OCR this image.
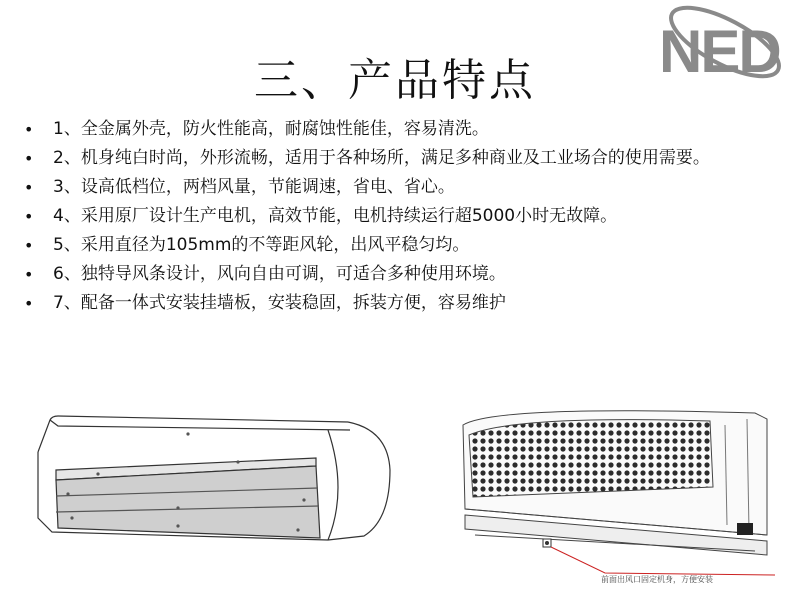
三、产品特点	NED
• 1、全金属外壳，防火性能高，耐腐蚀性能佳，容易清洗。
• 2、机身纯白时尚，外形流畅，适用于各种场所，满足多种商业及工业场合的使用需要。
• 3、设高低档位，两档风量，节能调速，省电、省心。
• 4、采用原厂设计生产电机，高效节能，电机持续运行超5000小时无故障。
• 5、采用直径为105mm的不等距风轮，出风平稳匀均。
• 6、独特导风条设计，风向自由可调，可适合多种使用环境。
• 7、配备一体式安装挂墙板，安装稳固，拆装方便，容易维护
前面出风口固定机身，方便安装
